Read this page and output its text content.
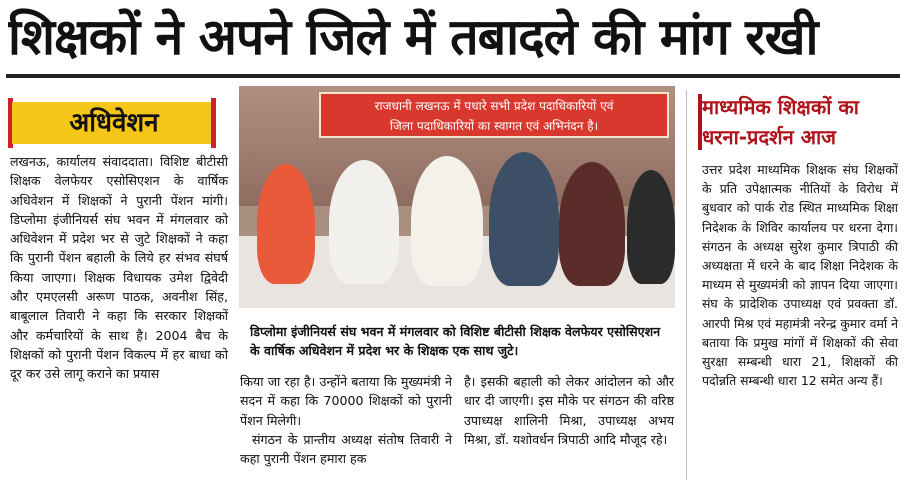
शिक्षकों ने अपने जिले में तबादले की मांग रखी
अधिवेशन

लखनऊ, कार्यालय संवाददाता। विशिष्ट बीटीसी शिक्षक वेलफेयर एसोसिएशन के वार्षिक अधिवेशन में शिक्षकों ने पुरानी पेंशन मांगी। डिप्लोमा इंजीनियर्स संघ भवन में मंगलवार को अधिवेशन में प्रदेश भर से जुटे शिक्षकों ने कहा कि पुरानी पेंशन बहाली के लिये हर संभव संघर्ष किया जाएगा। शिक्षक विधायक उमेश द्विवेदी और एमएलसी अरूण पाठक, अवनीश सिंह, बाबूलाल तिवारी ने कहा कि सरकार शिक्षकों और कर्मचारियों के साथ है। 2004 बैच के शिक्षकों को पुरानी पेंशन विकल्प में हर बाधा को दूर कर उसे लागू कराने का प्रयास

राजधानी लखनऊ में पधारे सभी प्रदेश पदाधिकारियों एवं
जिला पदाधिकारियों का स्वागत एवं अभिनंदन है।
डिप्लोमा इंजीनियर्स संघ भवन में मंगलवार को विशिष्ट बीटीसी शिक्षक वेलफेयर एसोसिएशन के वार्षिक अधिवेशन में प्रदेश भर के शिक्षक एक साथ जुटे।

किया जा रहा है। उन्होंने बताया कि मुख्यमंत्री ने सदन में कहा कि 70000 शिक्षकों को पुरानी पेंशन मिलेगी।

संगठन के प्रान्तीय अध्यक्ष संतोष तिवारी ने कहा पुरानी पेंशन हमारा हक

है। इसकी बहाली को लेकर आंदोलन को और धार दी जाएगी। इस मौके पर संगठन की वरिष्ठ उपाध्यक्ष शालिनी मिश्रा, उपाध्यक्ष अभय मिश्रा, डॉ. यशोवर्धन त्रिपाठी आदि मौजूद रहे।

माध्यमिक शिक्षकों का धरना-प्रदर्शन आज

उत्तर प्रदेश माध्यमिक शिक्षक संघ शिक्षकों के प्रति उपेक्षात्मक नीतियों के विरोध में बुधवार को पार्क रोड स्थित माध्यमिक शिक्षा निदेशक के शिविर कार्यालय पर धरना देगा। संगठन के अध्यक्ष सुरेश कुमार त्रिपाठी की अध्यक्षता में धरने के बाद शिक्षा निदेशक के माध्यम से मुख्यमंत्री को ज्ञापन दिया जाएगा। संघ के प्रादेशिक उपाध्यक्ष एवं प्रवक्ता डॉ. आरपी मिश्र एवं महामंत्री नरेन्द्र कुमार वर्मा ने बताया कि प्रमुख मांगों में शिक्षकों की सेवा सुरक्षा सम्बन्धी धारा 21, शिक्षकों की पदोन्नति सम्बन्धी धारा 12 समेत अन्य हैं।
